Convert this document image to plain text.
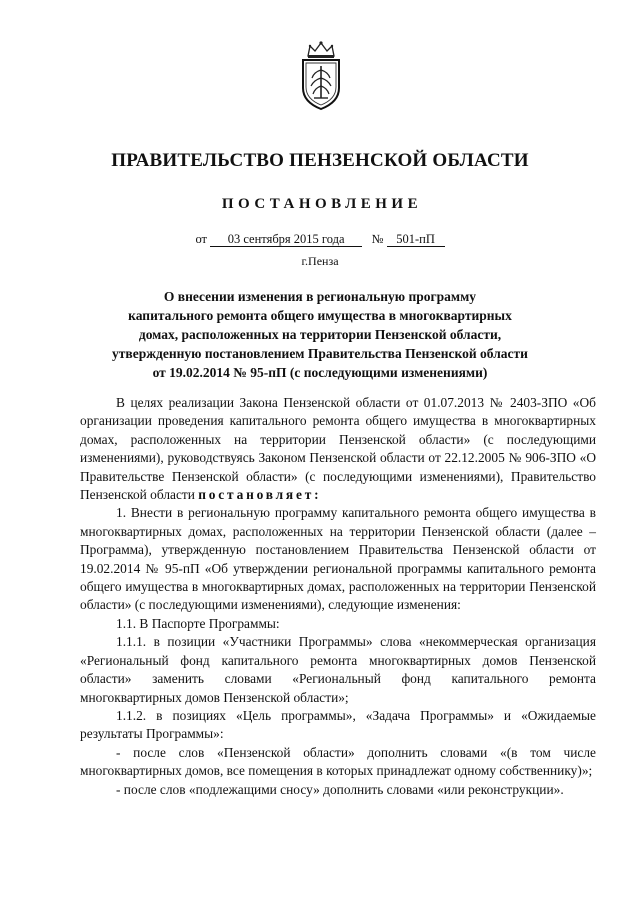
ПРАВИТЕЛЬСТВО ПЕНЗЕНСКОЙ ОБЛАСТИ
ПОСТАНОВЛЕНИЕ
от 03 сентября 2015 года № 501-пП
г.Пенза
О внесении изменения в региональную программу
капитального ремонта общего имущества в многоквартирных
домах, расположенных на территории Пензенской области,
утвержденную постановлением Правительства Пензенской области
от 19.02.2014 № 95-пП (с последующими изменениями)

В целях реализации Закона Пензенской области от 01.07.2013 № 2403-ЗПО «Об организации проведения капитального ремонта общего имущества в многоквартирных домах, расположенных на территории Пензенской области» (с последующими изменениями), руководствуясь Законом Пензенской области от 22.12.2005 № 906-ЗПО «О Правительстве Пензенской области» (с последующими изменениями), Правительство Пензенской области постановляет:

1. Внести в региональную программу капитального ремонта общего имущества в многоквартирных домах, расположенных на территории Пензенской области (далее – Программа), утвержденную постановлением Правительства Пензенской области от 19.02.2014 № 95-пП «Об утверждении региональной программы капитального ремонта общего имущества в многоквартирных домах, расположенных на территории Пензенской области» (с последующими изменениями), следующие изменения:

1.1. В Паспорте Программы:

1.1.1. в позиции «Участники Программы» слова «некоммерческая организация «Региональный фонд капитального ремонта многоквартирных домов Пензенской области» заменить словами «Региональный фонд капитального ремонта многоквартирных домов Пензенской области»;

1.1.2. в позициях «Цель программы», «Задача Программы» и «Ожидаемые результаты Программы»:

- после слов «Пензенской области» дополнить словами «(в том числе многоквартирных домов, все помещения в которых принадлежат одному собственнику)»;

- после слов «подлежащими сносу» дополнить словами «или реконструкции».
